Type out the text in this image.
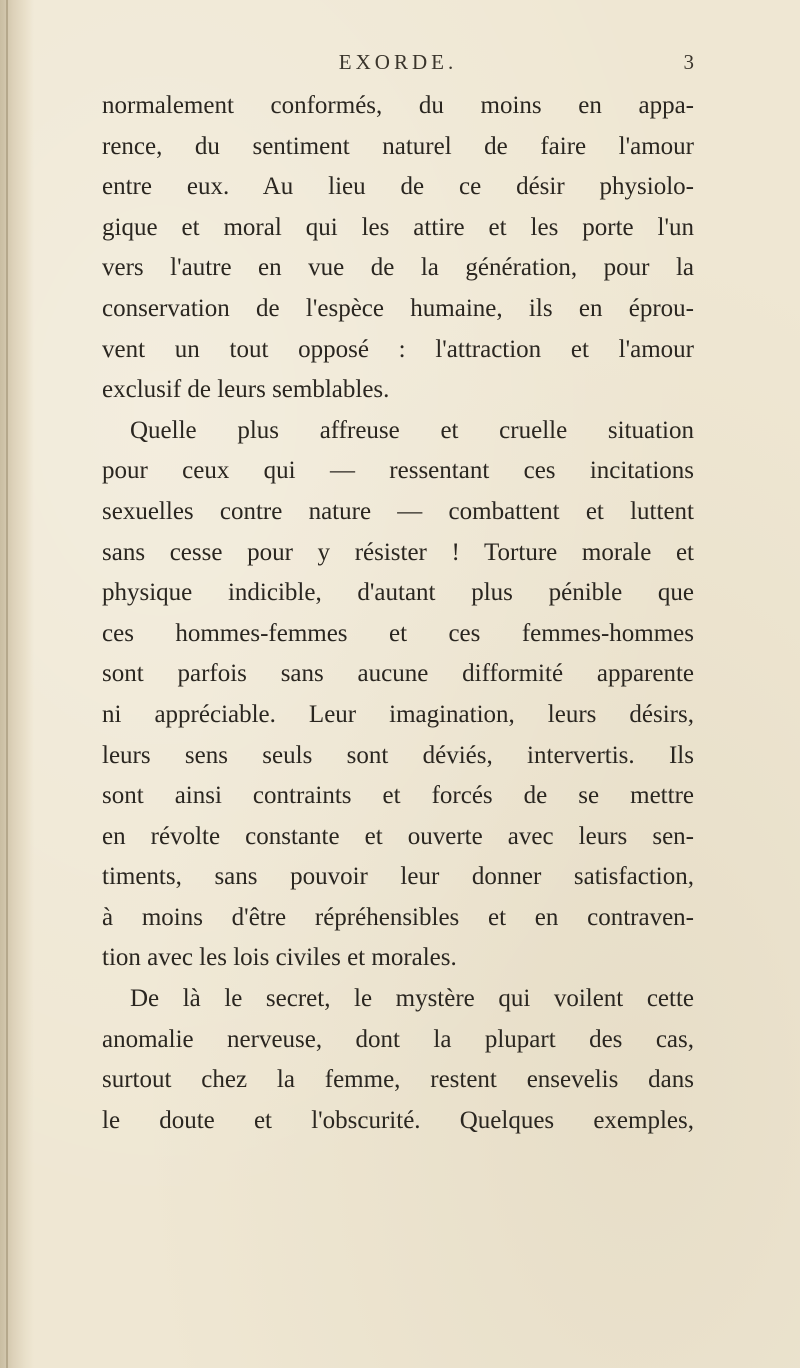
EXORDE.	3
normalement conformés, du moins en appa-
rence, du sentiment naturel de faire l'amour
entre eux. Au lieu de ce désir physiolo-
gique et moral qui les attire et les porte l'un
vers l'autre en vue de la génération, pour la
conservation de l'espèce humaine, ils en éprou-
vent un tout opposé : l'attraction et l'amour
exclusif de leurs semblables.
Quelle plus affreuse et cruelle situation
pour ceux qui — ressentant ces incitations
sexuelles contre nature — combattent et luttent
sans cesse pour y résister ! Torture morale et
physique indicible, d'autant plus pénible que
ces hommes-femmes et ces femmes-hommes
sont parfois sans aucune difformité apparente
ni appréciable. Leur imagination, leurs désirs,
leurs sens seuls sont déviés, intervertis. Ils
sont ainsi contraints et forcés de se mettre
en révolte constante et ouverte avec leurs sen-
timents, sans pouvoir leur donner satisfaction,
à moins d'être répréhensibles et en contraven-
tion avec les lois civiles et morales.
De là le secret, le mystère qui voilent cette
anomalie nerveuse, dont la plupart des cas,
surtout chez la femme, restent ensevelis dans
le doute et l'obscurité. Quelques exemples,
